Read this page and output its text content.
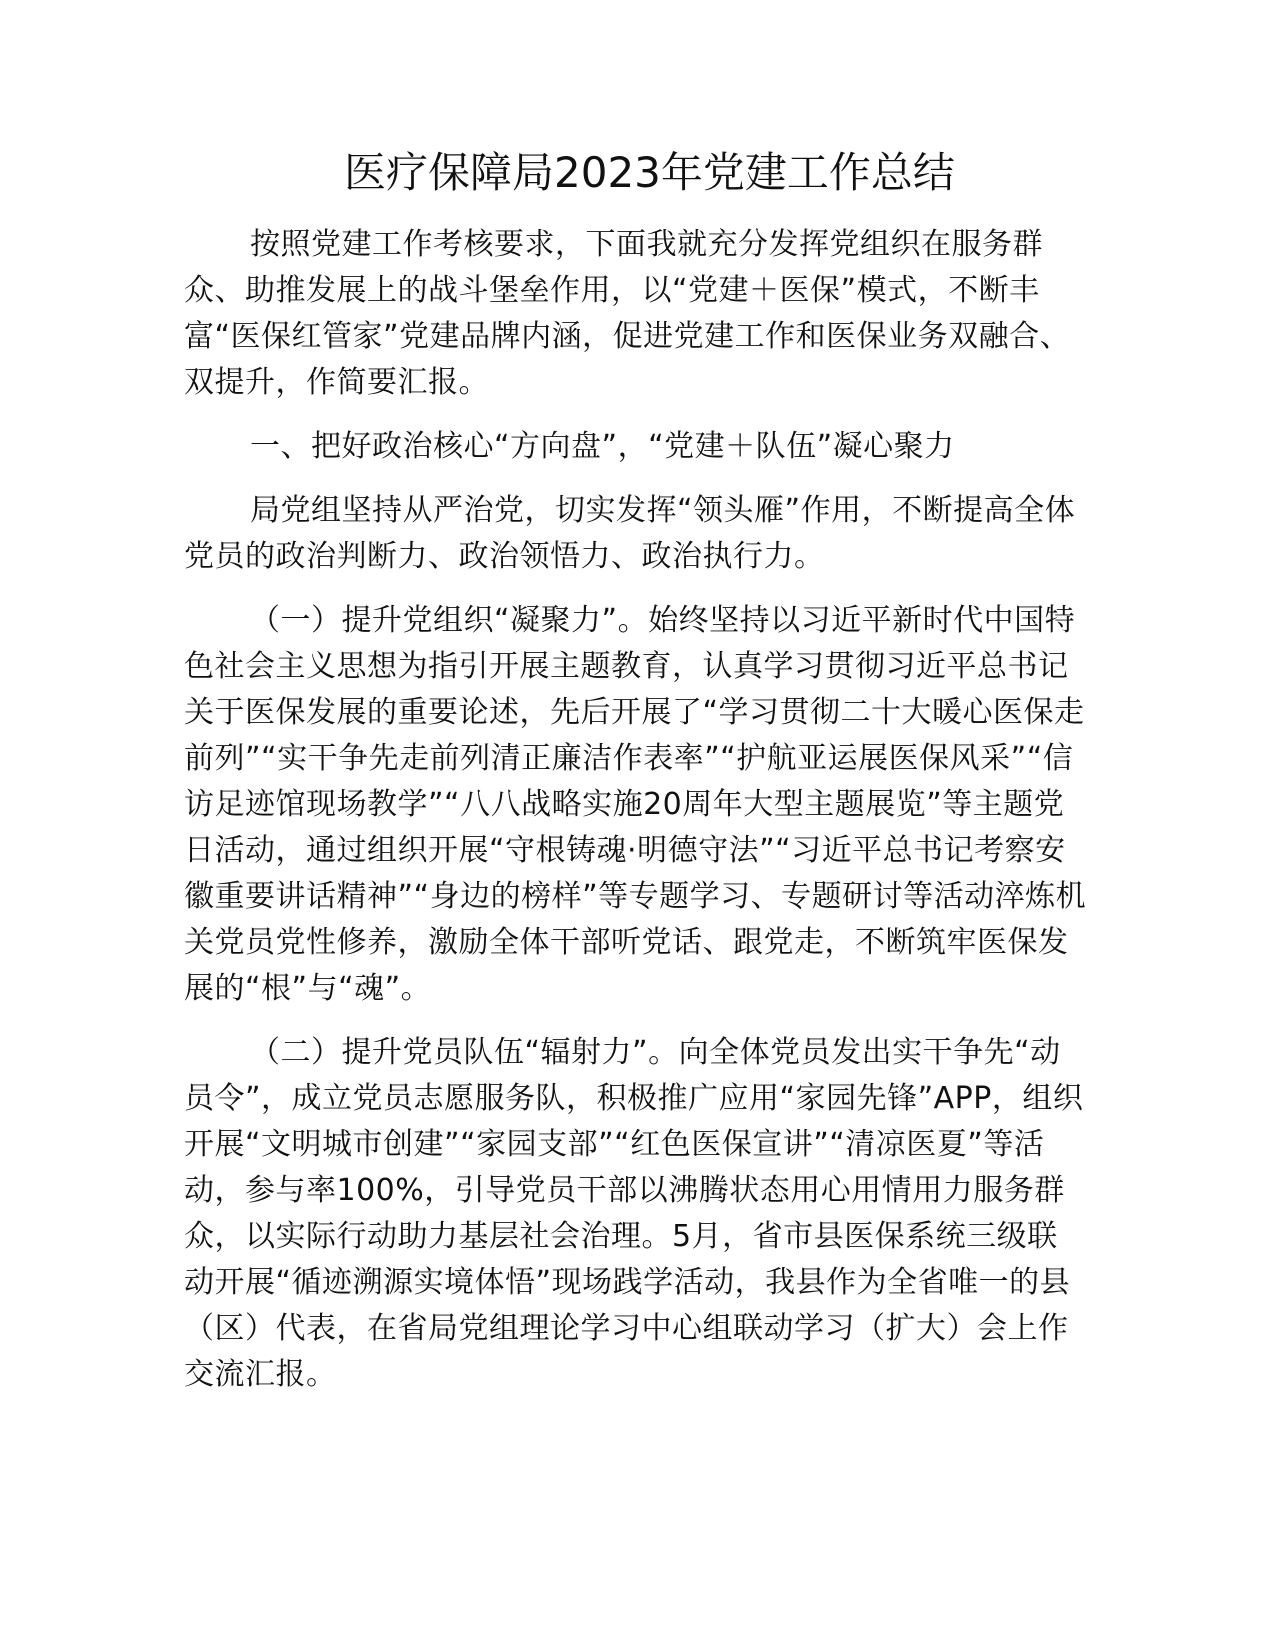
医疗保障局2023年党建工作总结

按照党建工作考核要求，下面我就充分发挥党组织在服务群众、助推发展上的战斗堡垒作用，以“党建＋医保”模式，不断丰富“医保红管家”党建品牌内涵，促进党建工作和医保业务双融合、双提升，作简要汇报。

一、把好政治核心“方向盘”，“党建＋队伍”凝心聚力

局党组坚持从严治党，切实发挥“领头雁”作用，不断提高全体党员的政治判断力、政治领悟力、政治执行力。

（一）提升党组织“凝聚力”。始终坚持以习近平新时代中国特色社会主义思想为指引开展主题教育，认真学习贯彻习近平总书记关于医保发展的重要论述，先后开展了“学习贯彻二十大暖心医保走前列”“实干争先走前列清正廉洁作表率”“护航亚运展医保风采”“信访足迹馆现场教学”“八八战略实施20周年大型主题展览”等主题党日活动，通过组织开展“守根铸魂·明德守法”“习近平总书记考察安徽重要讲话精神”“身边的榜样”等专题学习、专题研讨等活动淬炼机关党员党性修养，激励全体干部听党话、跟党走，不断筑牢医保发展的“根”与“魂”。

（二）提升党员队伍“辐射力”。向全体党员发出实干争先“动员令”，成立党员志愿服务队，积极推广应用“家园先锋”APP，组织开展“文明城市创建”“家园支部”“红色医保宣讲”“清凉医夏”等活动，参与率100%，引导党员干部以沸腾状态用心用情用力服务群众，以实际行动助力基层社会治理。5月，省市县医保系统三级联动开展“循迹溯源实境体悟”现场践学活动，我县作为全省唯一的县（区）代表，在省局党组理论学习中心组联动学习（扩大）会上作交流汇报。
